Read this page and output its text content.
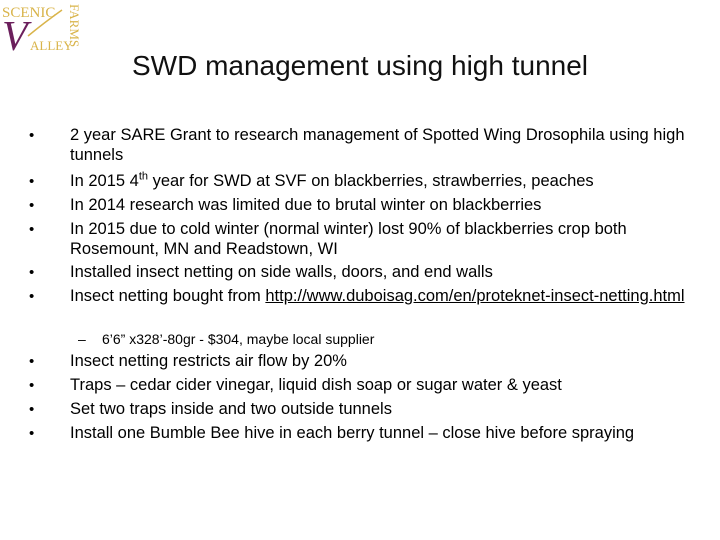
SCENIC
V ALLEY
FARMS
SWD management using high tunnel
• 2 year SARE Grant to research management of Spotted Wing Drosophila using high tunnels
• In 2015 4th year for SWD at SVF on blackberries, strawberries, peaches
• In 2014 research was limited due to brutal winter on blackberries
• In 2015 due to cold winter (normal winter) lost 90% of blackberries crop both Rosemount, MN and Readstown, WI
• Installed insect netting on side walls, doors, and end walls
• Insect netting bought from http://www.duboisag.com/en/proteknet-insect-netting.html
– 6’6” x328’-80gr - $304, maybe local supplier
• Insect netting restricts air flow by 20%
• Traps – cedar cider vinegar, liquid dish soap or sugar water & yeast
• Set two traps inside and two outside tunnels
• Install one Bumble Bee hive in each berry tunnel – close hive before spraying
